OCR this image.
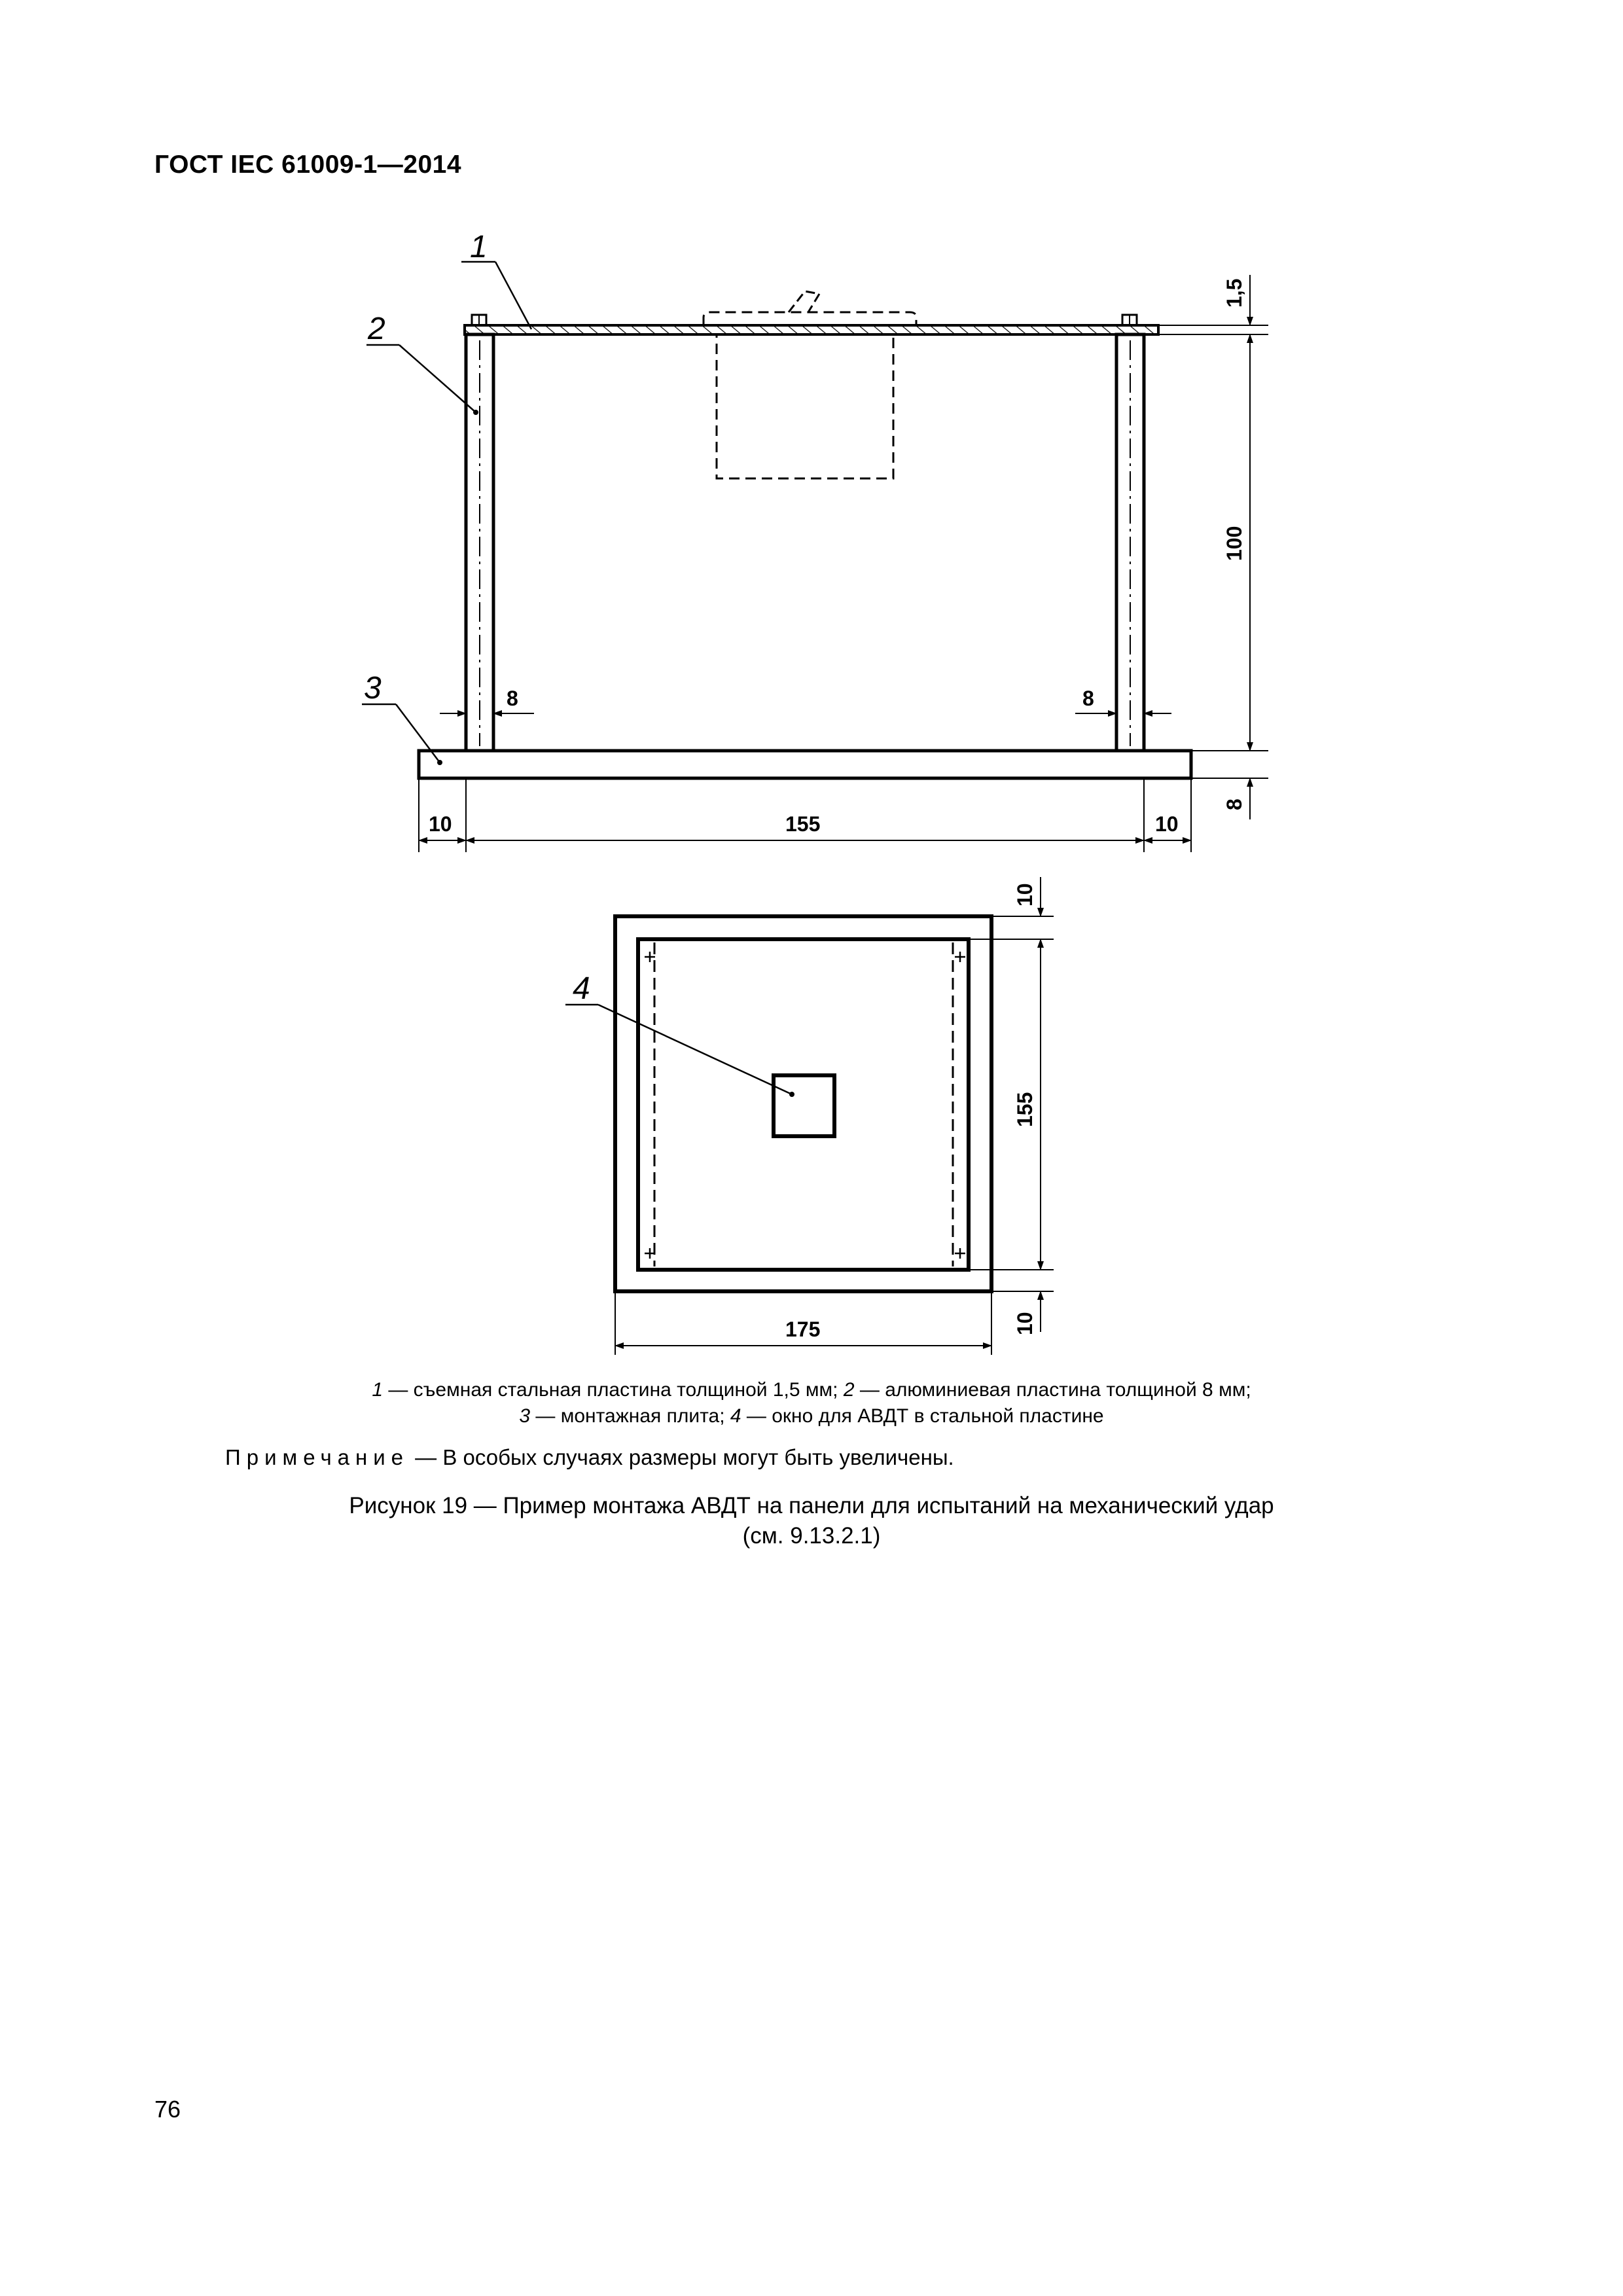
ГОСТ IEC 61009-1—2014
1
2
3
1,5
100
8
8	8
10	155	10
4
10
155
10
175
1 — съемная стальная пластина толщиной 1,5 мм; 2 — алюминиевая пластина толщиной 8 мм;
3 — монтажная плита; 4 — окно для АВДТ в стальной пластине
Примечание — В особых случаях размеры могут быть увеличены.
Рисунок 19 — Пример монтажа АВДТ на панели для испытаний на механический удар
(см. 9.13.2.1)
76
